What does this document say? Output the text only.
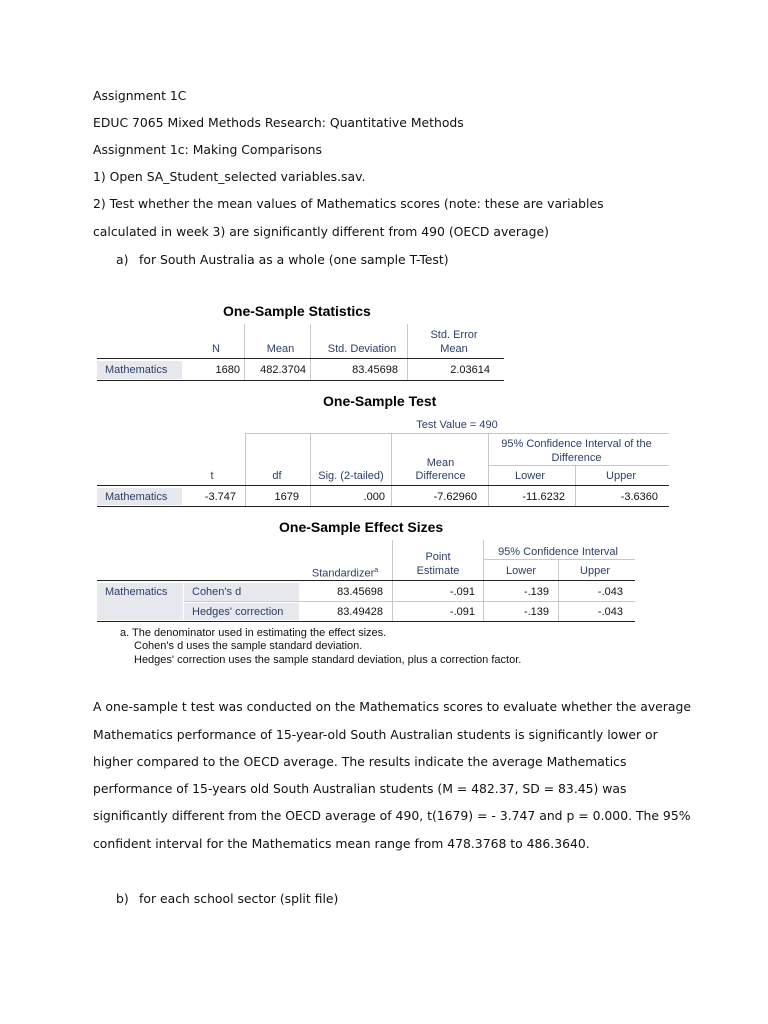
Assignment 1C
EDUC 7065 Mixed Methods Research: Quantitative Methods
Assignment 1c: Making Comparisons
1) Open SA_Student_selected variables.sav.
2) Test whether the mean values of Mathematics scores (note: these are variables
calculated in week 3) are significantly different from 490 (OECD average)
a) for South Australia as a whole (one sample T-Test)
One-Sample Statistics
N	Mean	Std. Deviation
Std. Error
Mean
Mathematics	1680	482.3704	83.45698	2.03614
One-Sample Test
Test Value = 490
95% Confidence Interval of the
Difference
t	df	Sig. (2-tailed)
Mean
Difference	Lower	Upper
Mathematics	-3.747	1679	.000	-7.62960	-11.6232	-3.6360
One-Sample Effect Sizes
Standardizer$^a$
Point
Estimate
95% Confidence Interval
Lower	Upper
Mathematics	Cohen's d	83.45698	-.091	-.139	-.043
Hedges' correction	83.49428	-.091	-.139	-.043
a. The denominator used in estimating the effect sizes.
Cohen's d uses the sample standard deviation.
Hedges' correction uses the sample standard deviation, plus a correction factor.
A one-sample t test was conducted on the Mathematics scores to evaluate whether the average
Mathematics performance of 15-year-old South Australian students is significantly lower or
higher compared to the OECD average. The results indicate the average Mathematics
performance of 15-years old South Australian students (M = 482.37, SD = 83.45) was
significantly different from the OECD average of 490, t(1679) = - 3.747 and p = 0.000. The 95%
confident interval for the Mathematics mean range from 478.3768 to 486.3640.
b) for each school sector (split file)
